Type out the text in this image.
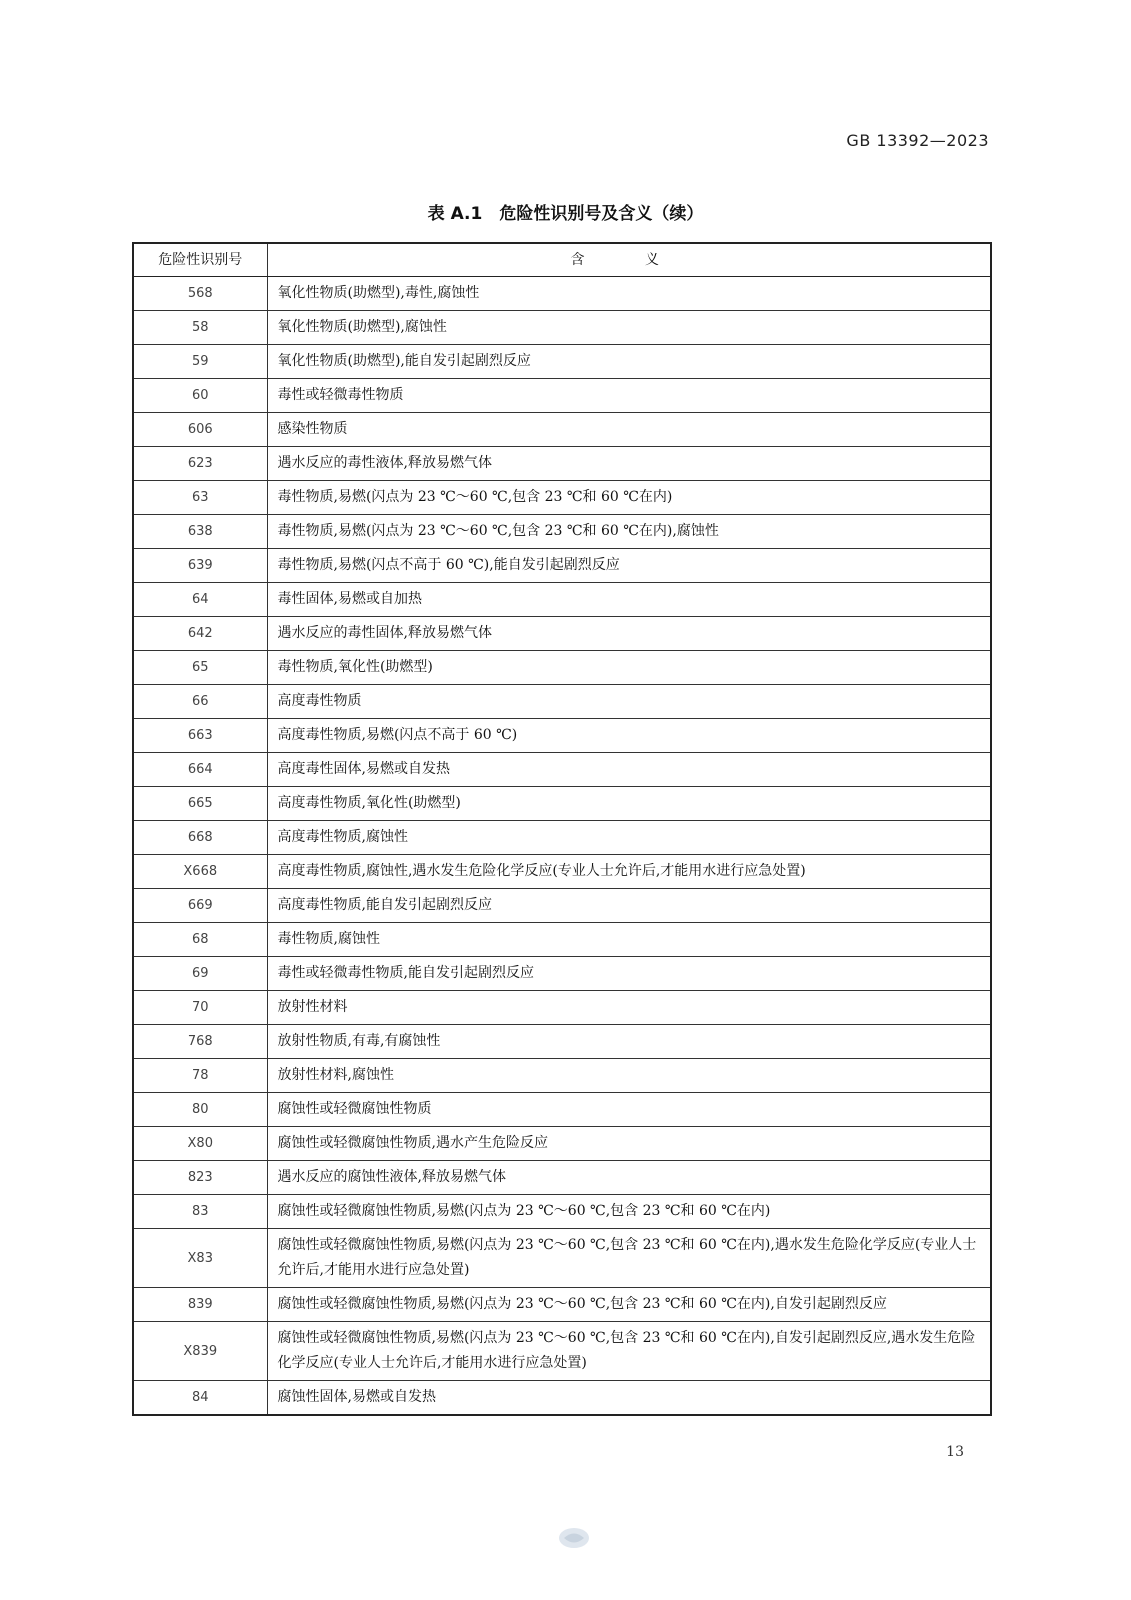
GB 13392—2023
表 A.1　危险性识别号及含义（续）
危险性识别号	含 义
568	氧化性物质(助燃型),毒性,腐蚀性
58	氧化性物质(助燃型),腐蚀性
59	氧化性物质(助燃型),能自发引起剧烈反应
60	毒性或轻微毒性物质
606	感染性物质
623	遇水反应的毒性液体,释放易燃气体
63	毒性物质,易燃(闪点为 23 ℃～60 ℃,包含 23 ℃和 60 ℃在内)
638	毒性物质,易燃(闪点为 23 ℃～60 ℃,包含 23 ℃和 60 ℃在内),腐蚀性
639	毒性物质,易燃(闪点不高于 60 ℃),能自发引起剧烈反应
64	毒性固体,易燃或自加热
642	遇水反应的毒性固体,释放易燃气体
65	毒性物质,氧化性(助燃型)
66	高度毒性物质
663	高度毒性物质,易燃(闪点不高于 60 ℃)
664	高度毒性固体,易燃或自发热
665	高度毒性物质,氧化性(助燃型)
668	高度毒性物质,腐蚀性
X668	高度毒性物质,腐蚀性,遇水发生危险化学反应(专业人士允许后,才能用水进行应急处置)
669	高度毒性物质,能自发引起剧烈反应
68	毒性物质,腐蚀性
69	毒性或轻微毒性物质,能自发引起剧烈反应
70	放射性材料
768	放射性物质,有毒,有腐蚀性
78	放射性材料,腐蚀性
80	腐蚀性或轻微腐蚀性物质
X80	腐蚀性或轻微腐蚀性物质,遇水产生危险反应
823	遇水反应的腐蚀性液体,释放易燃气体
83	腐蚀性或轻微腐蚀性物质,易燃(闪点为 23 ℃～60 ℃,包含 23 ℃和 60 ℃在内)
X83	腐蚀性或轻微腐蚀性物质,易燃(闪点为 23 ℃～60 ℃,包含 23 ℃和 60 ℃在内),遇水发生危险化学反应(专业人士允许后,才能用水进行应急处置)
839	腐蚀性或轻微腐蚀性物质,易燃(闪点为 23 ℃～60 ℃,包含 23 ℃和 60 ℃在内),自发引起剧烈反应
X839	腐蚀性或轻微腐蚀性物质,易燃(闪点为 23 ℃～60 ℃,包含 23 ℃和 60 ℃在内),自发引起剧烈反应,遇水发生危险化学反应(专业人士允许后,才能用水进行应急处置)
84	腐蚀性固体,易燃或自发热
13
